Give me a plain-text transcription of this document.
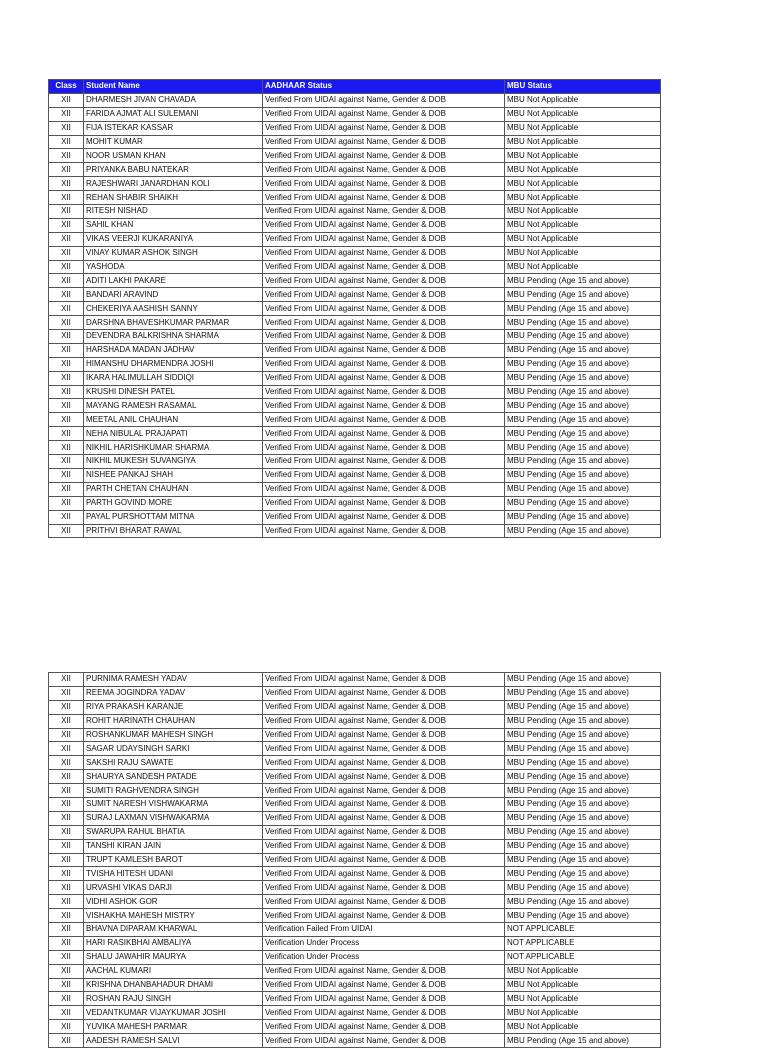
Class	Student Name	AADHAAR Status	MBU Status
XII	DHARMESH JIVAN CHAVADA	Verified From UIDAI against Name, Gender & DOB	MBU Not Applicable
XII	FARIDA AJMAT ALI SULEMANI	Verified From UIDAI against Name, Gender & DOB	MBU Not Applicable
XII	FIJA ISTEKAR KASSAR	Verified From UIDAI against Name, Gender & DOB	MBU Not Applicable
XII	MOHIT KUMAR	Verified From UIDAI against Name, Gender & DOB	MBU Not Applicable
XII	NOOR USMAN KHAN	Verified From UIDAI against Name, Gender & DOB	MBU Not Applicable
XII	PRIYANKA BABU NATEKAR	Verified From UIDAI against Name, Gender & DOB	MBU Not Applicable
XII	RAJESHWARI JANARDHAN KOLI	Verified From UIDAI against Name, Gender & DOB	MBU Not Applicable
XII	REHAN SHABIR SHAIKH	Verified From UIDAI against Name, Gender & DOB	MBU Not Applicable
XII	RITESH NISHAD	Verified From UIDAI against Name, Gender & DOB	MBU Not Applicable
XII	SAHIL KHAN	Verified From UIDAI against Name, Gender & DOB	MBU Not Applicable
XII	VIKAS VEERJI KUKARANIYA	Verified From UIDAI against Name, Gender & DOB	MBU Not Applicable
XII	VINAY KUMAR ASHOK SINGH	Verified From UIDAI against Name, Gender & DOB	MBU Not Applicable
XII	YASHODA	Verified From UIDAI against Name, Gender & DOB	MBU Not Applicable
XII	ADITI LAKHI PAKARE	Verified From UIDAI against Name, Gender & DOB	MBU Pending (Age 15 and above)
XII	BANDARI ARAVIND	Verified From UIDAI against Name, Gender & DOB	MBU Pending (Age 15 and above)
XII	CHEKERIYA AASHISH SANNY	Verified From UIDAI against Name, Gender & DOB	MBU Pending (Age 15 and above)
XII	DARSHNA BHAVESHKUMAR PARMAR	Verified From UIDAI against Name, Gender & DOB	MBU Pending (Age 15 and above)
XII	DEVENDRA BALKRISHNA SHARMA	Verified From UIDAI against Name, Gender & DOB	MBU Pending (Age 15 and above)
XII	HARSHADA MADAN JADHAV	Verified From UIDAI against Name, Gender & DOB	MBU Pending (Age 15 and above)
XII	HIMANSHU DHARMENDRA JOSHI	Verified From UIDAI against Name, Gender & DOB	MBU Pending (Age 15 and above)
XII	IKARA HALIMULLAH SIDDIQI	Verified From UIDAI against Name, Gender & DOB	MBU Pending (Age 15 and above)
XII	KRUSHI DINESH PATEL	Verified From UIDAI against Name, Gender & DOB	MBU Pending (Age 15 and above)
XII	MAYANG RAMESH RASAMAL	Verified From UIDAI against Name, Gender & DOB	MBU Pending (Age 15 and above)
XII	MEETAL ANIL CHAUHAN	Verified From UIDAI against Name, Gender & DOB	MBU Pending (Age 15 and above)
XII	NEHA NIBULAL PRAJAPATI	Verified From UIDAI against Name, Gender & DOB	MBU Pending (Age 15 and above)
XII	NIKHIL HARISHKUMAR SHARMA	Verified From UIDAI against Name, Gender & DOB	MBU Pending (Age 15 and above)
XII	NIKHIL MUKESH SUVANGIYA	Verified From UIDAI against Name, Gender & DOB	MBU Pending (Age 15 and above)
XII	NISHEE PANKAJ SHAH	Verified From UIDAI against Name, Gender & DOB	MBU Pending (Age 15 and above)
XII	PARTH CHETAN CHAUHAN	Verified From UIDAI against Name, Gender & DOB	MBU Pending (Age 15 and above)
XII	PARTH GOVIND MORE	Verified From UIDAI against Name, Gender & DOB	MBU Pending (Age 15 and above)
XII	PAYAL PURSHOTTAM MITNA	Verified From UIDAI against Name, Gender & DOB	MBU Pending (Age 15 and above)
XII	PRITHVI BHARAT RAWAL	Verified From UIDAI against Name, Gender & DOB	MBU Pending (Age 15 and above)
XII	PURNIMA RAMESH YADAV	Verified From UIDAI against Name, Gender & DOB	MBU Pending (Age 15 and above)
XII	REEMA JOGINDRA YADAV	Verified From UIDAI against Name, Gender & DOB	MBU Pending (Age 15 and above)
XII	RIYA PRAKASH KARANJE	Verified From UIDAI against Name, Gender & DOB	MBU Pending (Age 15 and above)
XII	ROHIT HARINATH CHAUHAN	Verified From UIDAI against Name, Gender & DOB	MBU Pending (Age 15 and above)
XII	ROSHANKUMAR MAHESH SINGH	Verified From UIDAI against Name, Gender & DOB	MBU Pending (Age 15 and above)
XII	SAGAR UDAYSINGH SARKI	Verified From UIDAI against Name, Gender & DOB	MBU Pending (Age 15 and above)
XII	SAKSHI RAJU SAWATE	Verified From UIDAI against Name, Gender & DOB	MBU Pending (Age 15 and above)
XII	SHAURYA SANDESH PATADE	Verified From UIDAI against Name, Gender & DOB	MBU Pending (Age 15 and above)
XII	SUMITI RAGHVENDRA SINGH	Verified From UIDAI against Name, Gender & DOB	MBU Pending (Age 15 and above)
XII	SUMIT NARESH VISHWAKARMA	Verified From UIDAI against Name, Gender & DOB	MBU Pending (Age 15 and above)
XII	SURAJ LAXMAN VISHWAKARMA	Verified From UIDAI against Name, Gender & DOB	MBU Pending (Age 15 and above)
XII	SWARUPA RAHUL BHATIA	Verified From UIDAI against Name, Gender & DOB	MBU Pending (Age 15 and above)
XII	TANSHI KIRAN JAIN	Verified From UIDAI against Name, Gender & DOB	MBU Pending (Age 15 and above)
XII	TRUPT KAMLESH BAROT	Verified From UIDAI against Name, Gender & DOB	MBU Pending (Age 15 and above)
XII	TVISHA HITESH UDANI	Verified From UIDAI against Name, Gender & DOB	MBU Pending (Age 15 and above)
XII	URVASHI VIKAS DARJI	Verified From UIDAI against Name, Gender & DOB	MBU Pending (Age 15 and above)
XII	VIDHI ASHOK GOR	Verified From UIDAI against Name, Gender & DOB	MBU Pending (Age 15 and above)
XII	VISHAKHA MAHESH MISTRY	Verified From UIDAI against Name, Gender & DOB	MBU Pending (Age 15 and above)
XII	BHAVNA DIPARAM KHARWAL	Verification Failed From UIDAI	NOT APPLICABLE
XII	HARI RASIKBHAI AMBALIYA	Verification Under Process	NOT APPLICABLE
XII	SHALU JAWAHIR MAURYA	Verification Under Process	NOT APPLICABLE
XII	AACHAL KUMARI	Verified From UIDAI against Name, Gender & DOB	MBU Not Applicable
XII	KRISHNA DHANBAHADUR DHAMI	Verified From UIDAI against Name, Gender & DOB	MBU Not Applicable
XII	ROSHAN RAJU SINGH	Verified From UIDAI against Name, Gender & DOB	MBU Not Applicable
XII	VEDANTKUMAR VIJAYKUMAR JOSHI	Verified From UIDAI against Name, Gender & DOB	MBU Not Applicable
XII	YUVIKA MAHESH PARMAR	Verified From UIDAI against Name, Gender & DOB	MBU Not Applicable
XII	AADESH RAMESH SALVI	Verified From UIDAI against Name, Gender & DOB	MBU Pending (Age 15 and above)
